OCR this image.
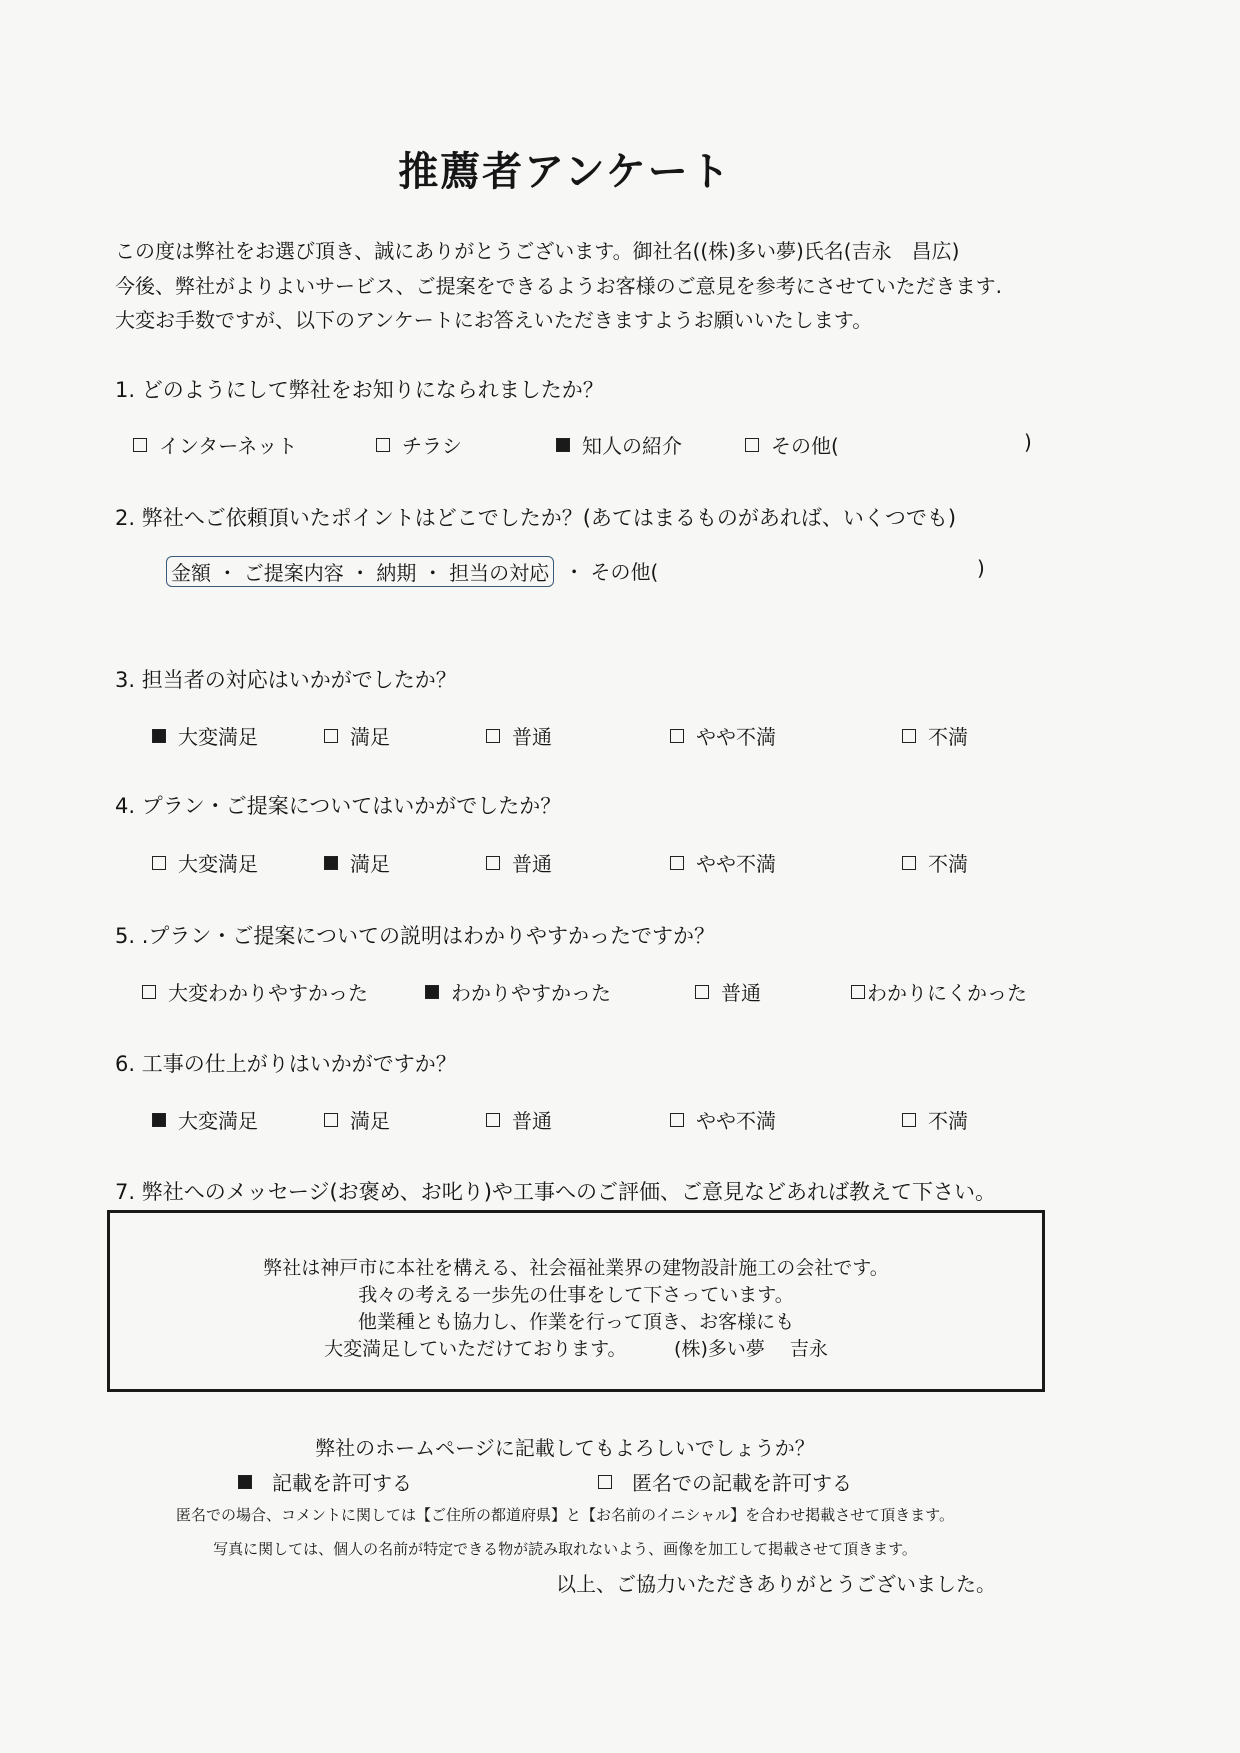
推薦者アンケート
この度は弊社をお選び頂き、誠にありがとうございます。御社名((株)多い夢)氏名(吉永　昌広)
今後、弊社がよりよいサービス、ご提案をできるようお客様のご意見を参考にさせていただきます.
大変お手数ですが、以下のアンケートにお答えいただきますようお願いいたします。
1. どのようにして弊社をお知りになられましたか？
インターネット	チラシ	知人の紹介	その他(	)
2. 弊社へご依頼頂いたポイントはどこでしたか？(あてはまるものがあれば、いくつでも)
金額 ・ ご提案内容 ・ 納期 ・ 担当の対応 ・ その他(	)
3. 担当者の対応はいかがでしたか？
大変満足	満足	普通	やや不満	不満
4. プラン・ご提案についてはいかがでしたか？
大変満足	満足	普通	やや不満	不満
5. .プラン・ご提案についての説明はわかりやすかったですか？
大変わかりやすかった	わかりやすかった	普通	わかりにくかった
6. 工事の仕上がりはいかがですか？
大変満足	満足	普通	やや不満	不満
7. 弊社へのメッセージ(お褒め、お叱り)や工事へのご評価、ご意見などあれば教えて下さい。
弊社は神戸市に本社を構える、社会福祉業界の建物設計施工の会社です。
我々の考える一歩先の仕事をして下さっています。
他業種とも協力し、作業を行って頂き、お客様にも
大変満足していただけております。　　　(株)多い夢　 吉永
弊社のホームページに記載してもよろしいでしょうか？
記載を許可する	匿名での記載を許可する
匿名での場合、コメントに関しては【ご住所の都道府県】と【お名前のイニシャル】を合わせ掲載させて頂きます。
写真に関しては、個人の名前が特定できる物が読み取れないよう、画像を加工して掲載させて頂きます。
以上、ご協力いただきありがとうございました。
